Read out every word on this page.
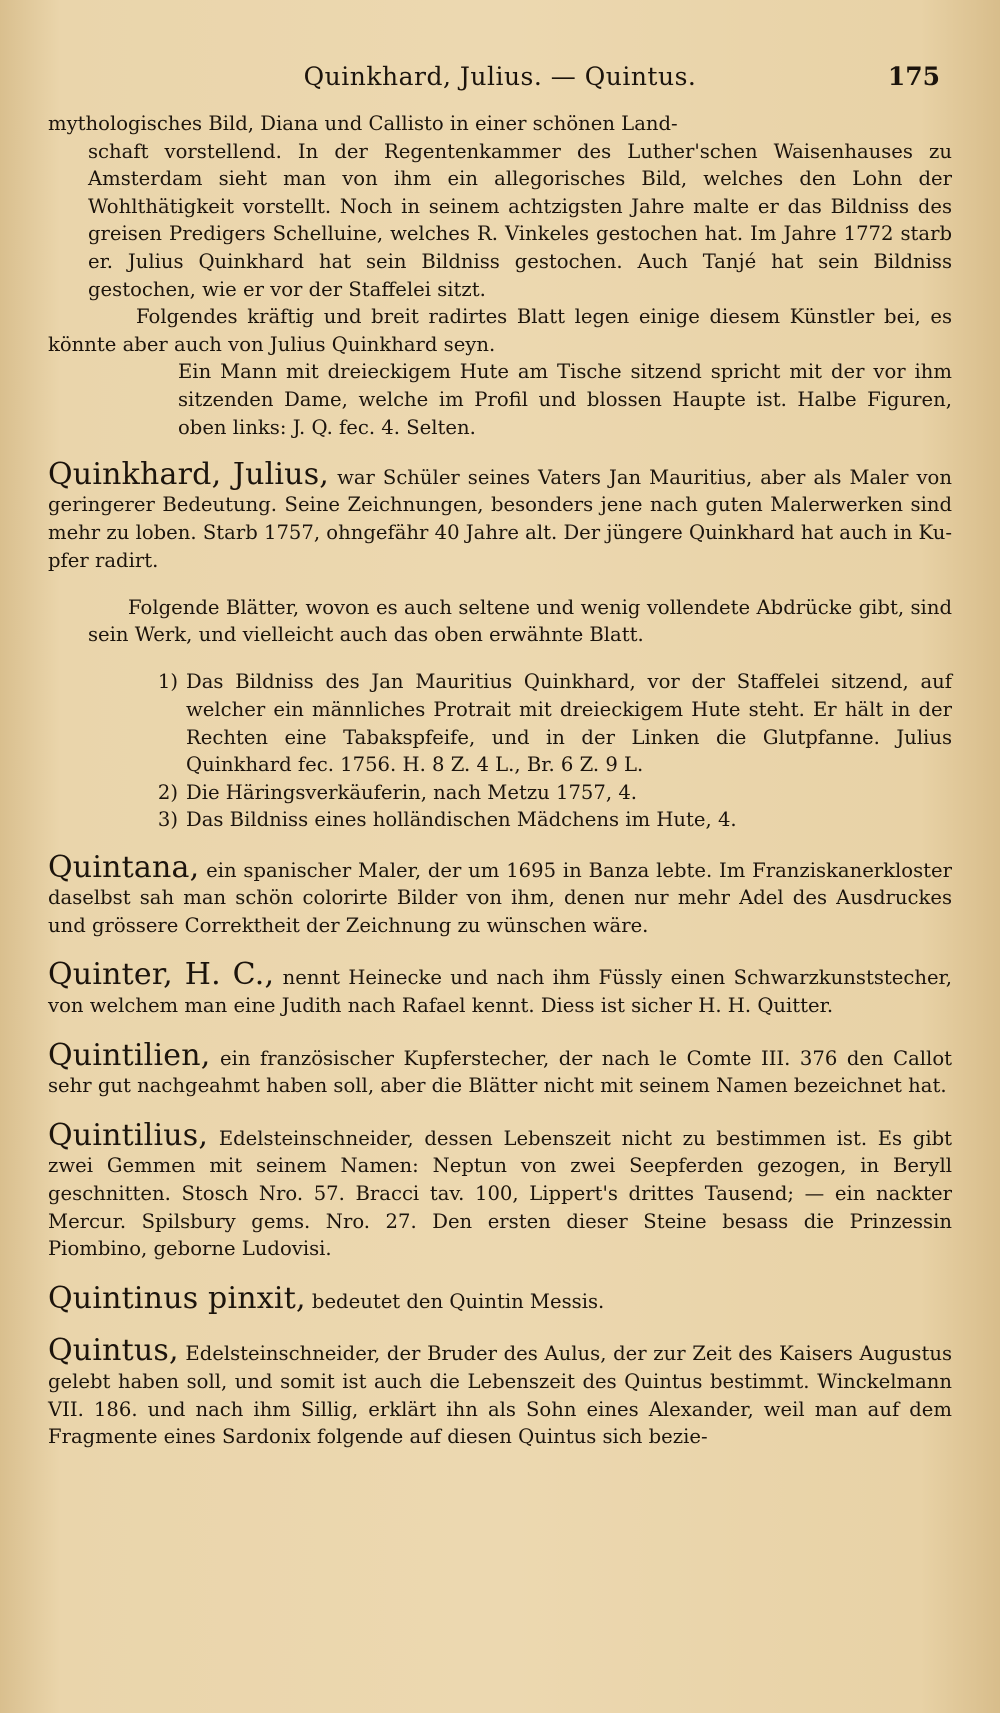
Quinkhard, Julius. — Quintus.	175

mythologisches Bild, Diana und Callisto in einer schönen Land-

schaft vorstellend. In der Regentenkammer des Luther'schen Waisenhauses zu Amsterdam sieht man von ihm ein allegorisches Bild, welches den Lohn der Wohlthätigkeit vorstellt. Noch in seinem achtzigsten Jahre malte er das Bildniss des greisen Predigers Schelluine, welches R. Vinkeles gestochen hat. Im Jahre 1772 starb er. Julius Quinkhard hat sein Bildniss gestochen. Auch Tanjé hat sein Bildniss gestochen, wie er vor der Staffelei sitzt.

Folgendes kräftig und breit radirtes Blatt legen einige diesem Künstler bei, es könnte aber auch von Julius Quinkhard seyn.

Ein Mann mit dreieckigem Hute am Tische sitzend spricht mit der vor ihm sitzenden Dame, welche im Profil und blossen Haupte ist. Halbe Figuren, oben links: J. Q. fec. 4. Selten.

Quinkhard, Julius, war Schüler seines Vaters Jan Mauritius, aber als Maler von geringerer Bedeutung. Seine Zeichnungen, besonders jene nach guten Malerwerken sind mehr zu loben. Starb 1757, ohngefähr 40 Jahre alt. Der jüngere Quinkhard hat auch in Kupfer radirt.

Folgende Blätter, wovon es auch seltene und wenig vollendete Abdrücke gibt, sind sein Werk, und vielleicht auch das oben erwähnte Blatt.

1) Das Bildniss des Jan Mauritius Quinkhard, vor der Staffelei sitzend, auf welcher ein männliches Protrait mit dreieckigem Hute steht. Er hält in der Rechten eine Tabakspfeife, und in der Linken die Glutpfanne. Julius Quinkhard fec. 1756. H. 8 Z. 4 L., Br. 6 Z. 9 L.
2) Die Häringsverkäuferin, nach Metzu 1757, 4.
3) Das Bildniss eines holländischen Mädchens im Hute, 4.

Quintana, ein spanischer Maler, der um 1695 in Banza lebte. Im Franziskanerkloster daselbst sah man schön colorirte Bilder von ihm, denen nur mehr Adel des Ausdruckes und grössere Correktheit der Zeichnung zu wünschen wäre.

Quinter, H. C., nennt Heinecke und nach ihm Füssly einen Schwarzkunststecher, von welchem man eine Judith nach Rafael kennt. Diess ist sicher H. H. Quitter.

Quintilien, ein französischer Kupferstecher, der nach le Comte III. 376 den Callot sehr gut nachgeahmt haben soll, aber die Blätter nicht mit seinem Namen bezeichnet hat.

Quintilius, Edelsteinschneider, dessen Lebenszeit nicht zu bestimmen ist. Es gibt zwei Gemmen mit seinem Namen: Neptun von zwei Seepferden gezogen, in Beryll geschnitten. Stosch Nro. 57. Bracci tav. 100, Lippert's drittes Tausend; — ein nackter Mercur. Spilsbury gems. Nro. 27. Den ersten dieser Steine besass die Prinzessin Piombino, geborne Ludovisi.

Quintinus pinxit, bedeutet den Quintin Messis.

Quintus, Edelsteinschneider, der Bruder des Aulus, der zur Zeit des Kaisers Augustus gelebt haben soll, und somit ist auch die Lebenszeit des Quintus bestimmt. Winckelmann VII. 186. und nach ihm Sillig, erklärt ihn als Sohn eines Alexander, weil man auf dem Fragmente eines Sardonix folgende auf diesen Quintus sich bezie-
